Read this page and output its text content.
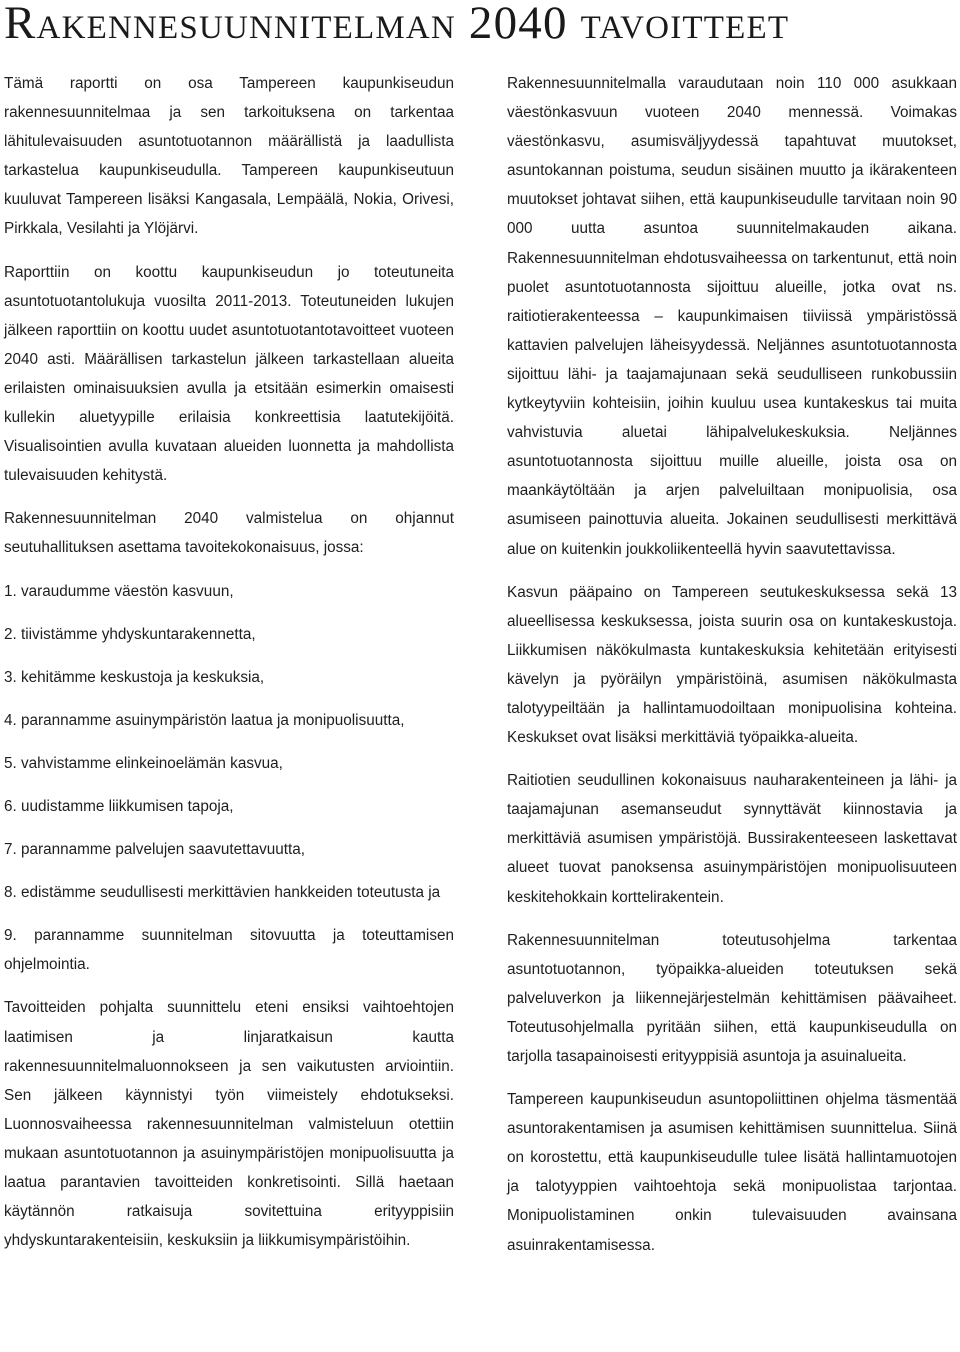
Rakennesuunnitelman 2040 tavoitteet

Tämä raportti on osa Tampereen kaupunkiseudun rakennesuunnitelmaa ja sen tarkoituksena on tarkentaa lähitulevaisuuden asuntotuotannon määrällistä ja laadullista tarkastelua kaupunkiseudulla. Tampereen kaupunkiseutuun kuuluvat Tampereen lisäksi Kangasala, Lempäälä, Nokia, Orivesi, Pirkkala, Vesilahti ja Ylöjärvi.

Raporttiin on koottu kaupunkiseudun jo toteutuneita asuntotuotantolukuja vuosilta 2011-2013. Toteutuneiden lukujen jälkeen raporttiin on koottu uudet asuntotuotantotavoitteet vuoteen 2040 asti. Määrällisen tarkastelun jälkeen tarkastellaan alueita erilaisten ominaisuuksien avulla ja etsitään esimerkin omaisesti kullekin aluetyypille erilaisia konkreettisia laatutekijöitä. Visualisointien avulla kuvataan alueiden luonnetta ja mahdollista tulevaisuuden kehitystä.

Rakennesuunnitelman 2040 valmistelua on ohjannut seutuhallituksen asettama tavoitekokonaisuus, jossa:

1. varaudumme väestön kasvuun,

2. tiivistämme yhdyskuntarakennetta,

3. kehitämme keskustoja ja keskuksia,

4. parannamme asuinympäristön laatua ja monipuolisuutta,

5. vahvistamme elinkeinoelämän kasvua,

6. uudistamme liikkumisen tapoja,

7. parannamme palvelujen saavutettavuutta,

8. edistämme seudullisesti merkittävien hankkeiden toteutusta ja

9. parannamme suunnitelman sitovuutta ja toteuttamisen ohjelmointia.

Tavoitteiden pohjalta suunnittelu eteni ensiksi vaihtoehtojen laatimisen ja linjaratkaisun kautta rakennesuunnitelmaluonnokseen ja sen vaikutusten arviointiin. Sen jälkeen käynnistyi työn viimeistely ehdotukseksi. Luonnosvaiheessa rakennesuunnitelman valmisteluun otettiin mukaan asuntotuotannon ja asuinympäristöjen monipuolisuutta ja laatua parantavien tavoitteiden konkretisointi. Sillä haetaan käytännön ratkaisuja sovitettuina erityyppisiin yhdyskuntarakenteisiin, keskuksiin ja liikkumisympäristöihin.

Rakennesuunnitelmalla varaudutaan noin 110 000 asukkaan väestönkasvuun vuoteen 2040 mennessä. Voimakas väestönkasvu, asumisväljyydessä tapahtuvat muutokset, asuntokannan poistuma, seudun sisäinen muutto ja ikärakenteen muutokset johtavat siihen, että kaupunkiseudulle tarvitaan noin 90 000 uutta asuntoa suunnitelmakauden aikana. Rakennesuunnitelman ehdotusvaiheessa on tarkentunut, että noin puolet asuntotuotannosta sijoittuu alueille, jotka ovat ns. raitiotierakenteessa – kaupunkimaisen tiiviissä ympäristössä kattavien palvelujen läheisyydessä. Neljännes asuntotuotannosta sijoittuu lähi- ja taajamajunaan sekä seudulliseen runkobussiin kytkeytyviin kohteisiin, joihin kuuluu usea kuntakeskus tai muita vahvistuvia aluetai lähipalvelukeskuksia. Neljännes asuntotuotannosta sijoittuu muille alueille, joista osa on maankäytöltään ja arjen palveluiltaan monipuolisia, osa asumiseen painottuvia alueita. Jokainen seudullisesti merkittävä alue on kuitenkin joukkoliikenteellä hyvin saavutettavissa.

Kasvun pääpaino on Tampereen seutukeskuksessa sekä 13 alueellisessa keskuksessa, joista suurin osa on kuntakeskustoja. Liikkumisen näkökulmasta kuntakeskuksia kehitetään erityisesti kävelyn ja pyöräilyn ympäristöinä, asumisen näkökulmasta talotyypeiltään ja hallintamuodoiltaan monipuolisina kohteina. Keskukset ovat lisäksi merkittäviä työpaikka-alueita.

Raitiotien seudullinen kokonaisuus nauharakenteineen ja lähi- ja taajamajunan asemanseudut synnyttävät kiinnostavia ja merkittäviä asumisen ympäristöjä. Bussirakenteeseen laskettavat alueet tuovat panoksensa asuinympäristöjen monipuolisuuteen keskitehokkain korttelirakentein.

Rakennesuunnitelman toteutusohjelma tarkentaa asuntotuotannon, työpaikka-alueiden toteutuksen sekä palveluverkon ja liikennejärjestelmän kehittämisen päävaiheet. Toteutusohjelmalla pyritään siihen, että kaupunkiseudulla on tarjolla tasapainoisesti erityyppisiä asuntoja ja asuinalueita.

Tampereen kaupunkiseudun asuntopoliittinen ohjelma täsmentää asuntorakentamisen ja asumisen kehittämisen suunnittelua. Siinä on korostettu, että kaupunkiseudulle tulee lisätä hallintamuotojen ja talotyyppien vaihtoehtoja sekä monipuolistaa tarjontaa. Monipuolistaminen onkin tulevaisuuden avainsana asuinrakentamisessa.
